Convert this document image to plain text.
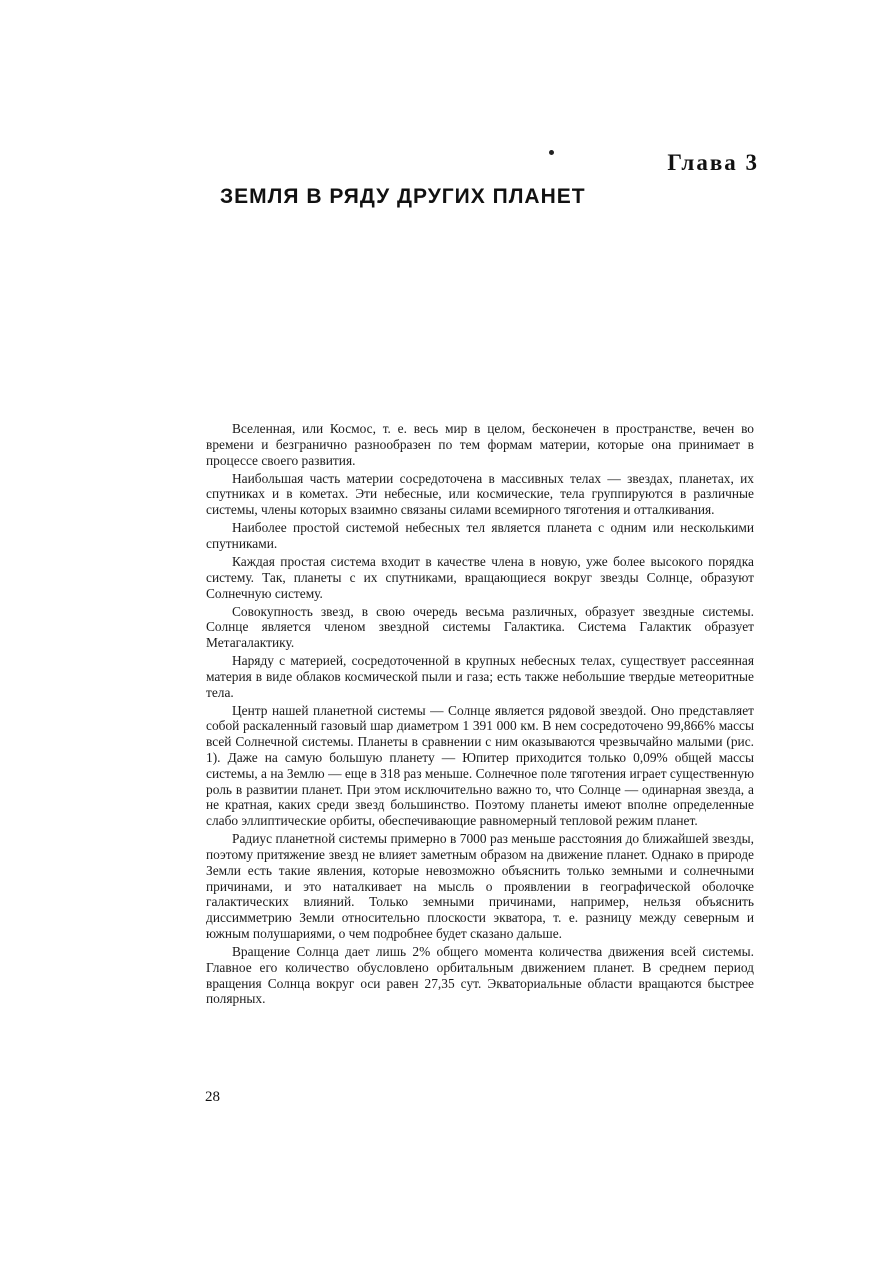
Глава 3
ЗЕМЛЯ В РЯДУ ДРУГИХ ПЛАНЕТ

Вселенная, или Космос, т. е. весь мир в целом, бесконечен в пространстве, вечен во времени и безгранично разнообразен по тем формам материи, которые она принимает в процессе своего развития.

Наибольшая часть материи сосредоточена в массивных телах — звездах, планетах, их спутниках и в кометах. Эти небесные, или космические, тела группируются в различные системы, члены которых взаимно связаны силами всемирного тяготения и отталкивания.

Наиболее простой системой небесных тел является планета с одним или несколькими спутниками.

Каждая простая система входит в качестве члена в новую, уже более высокого порядка систему. Так, планеты с их спутниками, вращающиеся вокруг звезды Солнце, образуют Солнечную систему.

Совокупность звезд, в свою очередь весьма различных, образует звездные системы. Солнце является членом звездной системы Галактика. Система Галактик образует Метагалактику.

Наряду с материей, сосредоточенной в крупных небесных телах, существует рассеянная материя в виде облаков космической пыли и газа; есть также небольшие твердые метеоритные тела.

Центр нашей планетной системы — Солнце является рядовой звездой. Оно представляет собой раскаленный газовый шар диаметром 1 391 000 км. В нем сосредоточено 99,866% массы всей Солнечной системы. Планеты в сравнении с ним оказываются чрезвычайно малыми (рис. 1). Даже на самую большую планету — Юпитер приходится только 0,09% общей массы системы, а на Землю — еще в 318 раз меньше. Солнечное поле тяготения играет существенную роль в развитии планет. При этом исключительно важно то, что Солнце — одинарная звезда, а не кратная, каких среди звезд большинство. Поэтому планеты имеют вполне определенные слабо эллиптические орбиты, обеспечивающие равномерный тепловой режим планет.

Радиус планетной системы примерно в 7000 раз меньше расстояния до ближайшей звезды, поэтому притяжение звезд не влияет заметным образом на движение планет. Однако в природе Земли есть такие явления, которые невозможно объяснить только земными и солнечными причинами, и это наталкивает на мысль о проявлении в географической оболочке галактических влияний. Только земными причинами, например, нельзя объяснить диссимметрию Земли относительно плоскости экватора, т. е. разницу между северным и южным полушариями, о чем подробнее будет сказано дальше.

Вращение Солнца дает лишь 2% общего момента количества движения всей системы. Главное его количество обусловлено орбитальным движением планет. В среднем период вращения Солнца вокруг оси равен 27,35 сут. Экваториальные области вращаются быстрее полярных.

28
